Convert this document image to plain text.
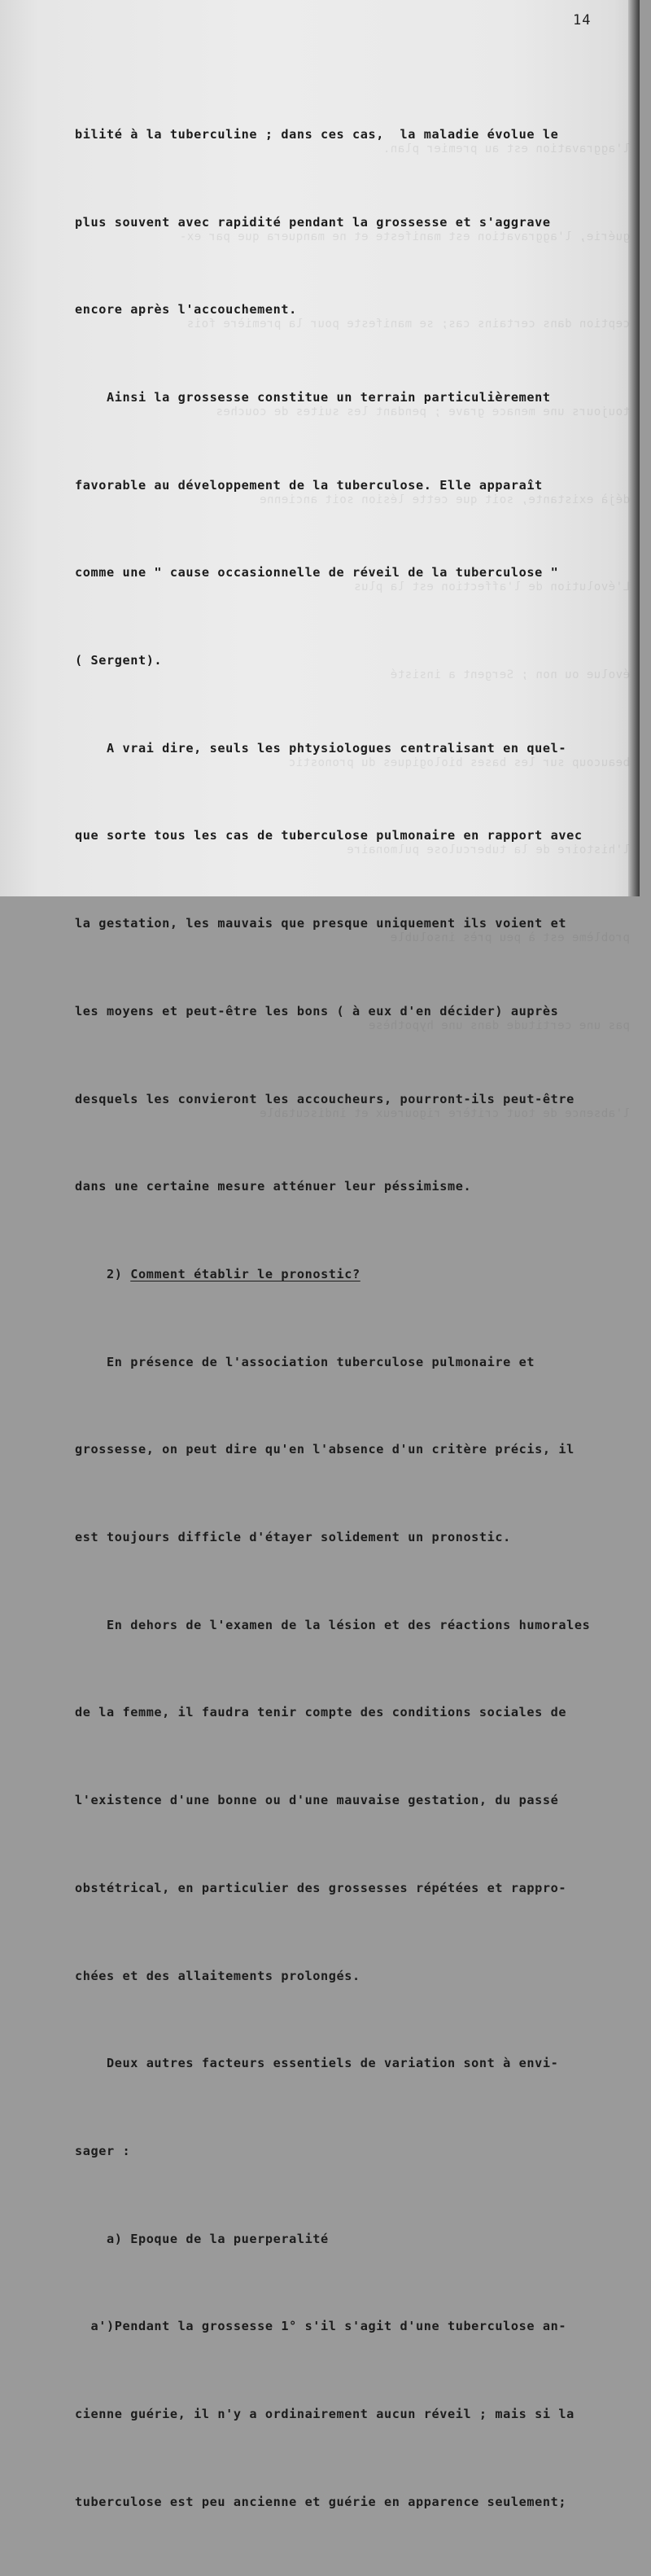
14

l'aggravation est au premier plan.

guérie, l'aggravation est manifeste et ne manquera que par ex-

ception dans certains cas; se manifeste pour la première fois

toujours une menace grave ; pendant les suites de couches

déjà existante, soit que cette lésion soit ancienne

L'évolution de l'affection est la plus

évolue ou non ; Sergent a insisté

beaucoup sur les bases biologiques du pronostic

l'histoire de la tuberculose pulmonaire

problème est à peu près insoluble

pas une certitude dans une hypothèse

l'absence de tout critère rigoureux et indiscutable

bilité à la tuberculine ; dans ces cas,  la maladie évolue le

plus souvent avec rapidité pendant la grossesse et s'aggrave

encore après l'accouchement.

Ainsi la grossesse constitue un terrain particulièrement

favorable au développement de la tuberculose. Elle apparaît

comme une " cause occasionnelle de réveil de la tuberculose "

( Sergent).

A vrai dire, seuls les phtysiologues centralisant en quel-

que sorte tous les cas de tuberculose pulmonaire en rapport avec

la gestation, les mauvais que presque uniquement ils voient et

les moyens et peut-être les bons ( à eux d'en décider) auprès

desquels les convieront les accoucheurs, pourront-ils peut-être

dans une certaine mesure atténuer leur péssimisme.

2) Comment établir le pronostic?

En présence de l'association tuberculose pulmonaire et

grossesse, on peut dire qu'en l'absence d'un critère précis, il

est toujours difficle d'étayer solidement un pronostic.

En dehors de l'examen de la lésion et des réactions humorales

de la femme, il faudra tenir compte des conditions sociales de

l'existence d'une bonne ou d'une mauvaise gestation, du passé

obstétrical, en particulier des grossesses répétées et rappro-

chées et des allaitements prolongés.

Deux autres facteurs essentiels de variation sont à envi-

sager :

a) Epoque de la puerperalité

a')Pendant la grossesse 1° s'il s'agit d'une tuberculose an-

cienne guérie, il n'y a ordinairement aucun réveil ; mais si la

tuberculose est peu ancienne et guérie en apparence seulement;
